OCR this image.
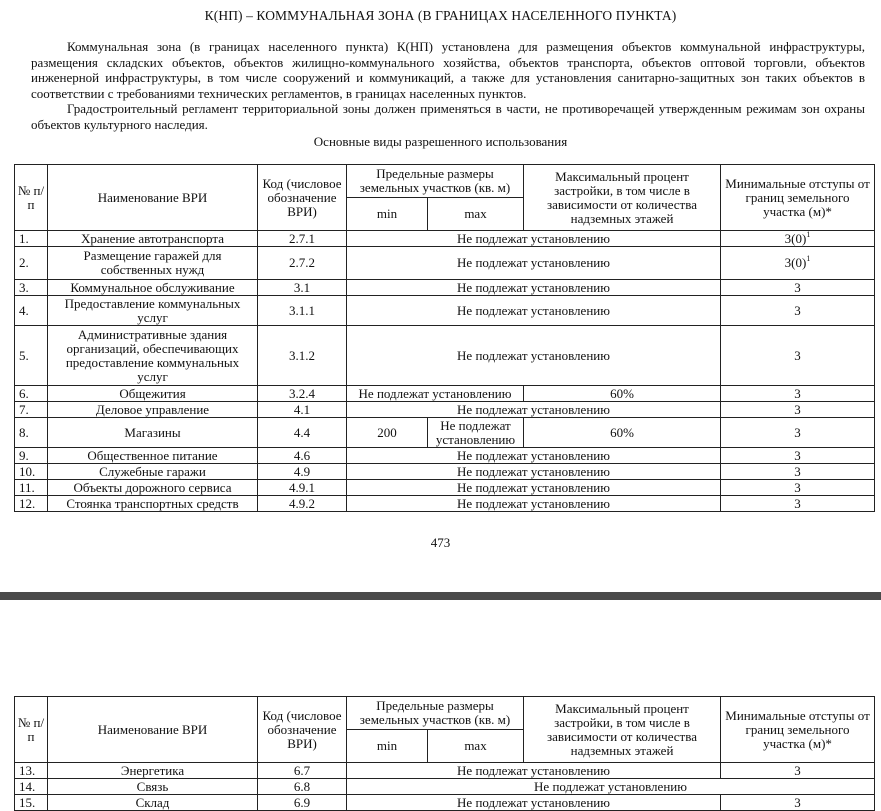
К(НП) – КОММУНАЛЬНАЯ ЗОНА (В ГРАНИЦАХ НАСЕЛЕННОГО ПУНКТА)

Коммунальная зона (в границах населенного пункта) К(НП) установлена для размещения объектов коммунальной инфраструктуры, размещения складских объектов, объектов жилищно-коммунального хозяйства, объектов транспорта, объектов оптовой торговли, объектов инженерной инфраструктуры, в том числе сооружений и коммуникаций, а также для установления санитарно-защитных зон таких объектов в соответствии с требованиями технических регламентов, в границах населенных пунктов.

Градостроительный регламент территориальной зоны должен применяться в части, не противоречащей утвержденным режимам зон охраны объектов культурного наследия.

Основные виды разрешенного использования
№ п/п	Наименование ВРИ	Код (числовое обозначение ВРИ)	Предельные размеры земельных участков (кв. м)		Максимальный процент застройки, в том числе в зависимости от количества надземных этажей	Минимальные отступы от границ земельного участка (м)*
			min	max		
1.	Хранение автотранспорта	2.7.1	Не подлежат установлению			$3(0)^1$
2.	Размещение гаражей для собственных нужд	2.7.2	Не подлежат установлению			$3(0)^1$
3.	Коммунальное обслуживание	3.1	Не подлежат установлению			3
4.	Предоставление коммунальных услуг	3.1.1	Не подлежат установлению			3
5.	Административные здания организаций, обеспечивающих предоставление коммунальных услуг	3.1.2	Не подлежат установлению			3
6.	Общежития	3.2.4	Не подлежат установлению		60%	3
7.	Деловое управление	4.1	Не подлежат установлению			3
8.	Магазины	4.4	200	Не подлежат установлению	60%	3
9.	Общественное питание	4.6	Не подлежат установлению			3
10.	Служебные гаражи	4.9	Не подлежат установлению			3
11.	Объекты дорожного сервиса	4.9.1	Не подлежат установлению			3
12.	Стоянка транспортных средств	4.9.2	Не подлежат установлению			3
473
№ п/п	Наименование ВРИ	Код (числовое обозначение ВРИ)	Предельные размеры земельных участков (кв. м)		Максимальный процент застройки, в том числе в зависимости от количества надземных этажей	Минимальные отступы от границ земельного участка (м)*
			min	max		
13.	Энергетика	6.7	Не подлежат установлению			3
14.	Связь	6.8	Не подлежат установлению			
15.	Склад	6.9	Не подлежат установлению			3
